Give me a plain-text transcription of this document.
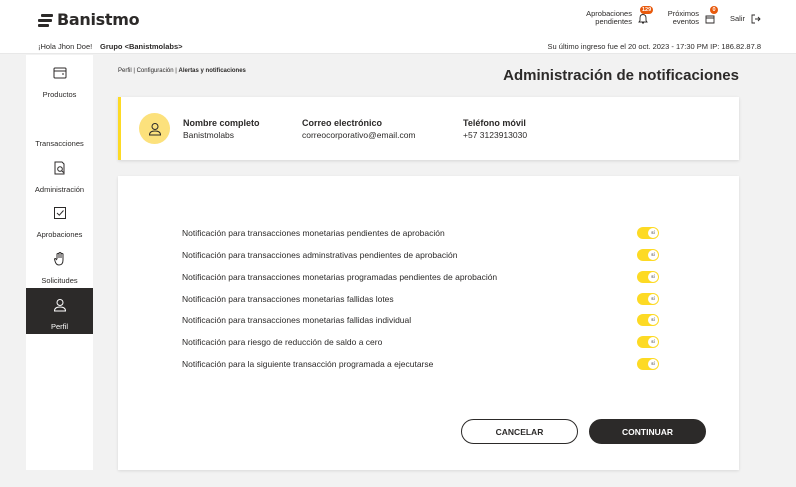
Banistmo	Aprobaciones pendientes
129	Próximos eventos
0
Salir
¡Hola Jhon Doe! Grupo <Banistmolabs>	Su último ingreso fue el 20 oct. 2023 - 17:30 PM IP: 186.82.87.8
Productos
Transacciones
Administración
Aprobaciones
Solicitudes
Perfil
Perfil | Configuración | Alertas y notificaciones	Administración de notificaciones
Nombre completo
Banistmolabs
Correo electrónico
correocorporativo@email.com
Teléfono móvil
+57 3123913030
Notificación para transacciones monetarias pendientes de aprobación	sí
Notificación para transacciones adminstrativas pendientes de aprobación	sí
Notificación para transacciones monetarias programadas pendientes de aprobación	sí
Notificación para transacciones monetarias fallidas lotes	sí
Notificación para transacciones monetarias fallidas individual	sí
Notificación para riesgo de reducción de saldo a cero	sí
Notificación para la siguiente transacción programada a ejecutarse	sí
CANCELAR	CONTINUAR
